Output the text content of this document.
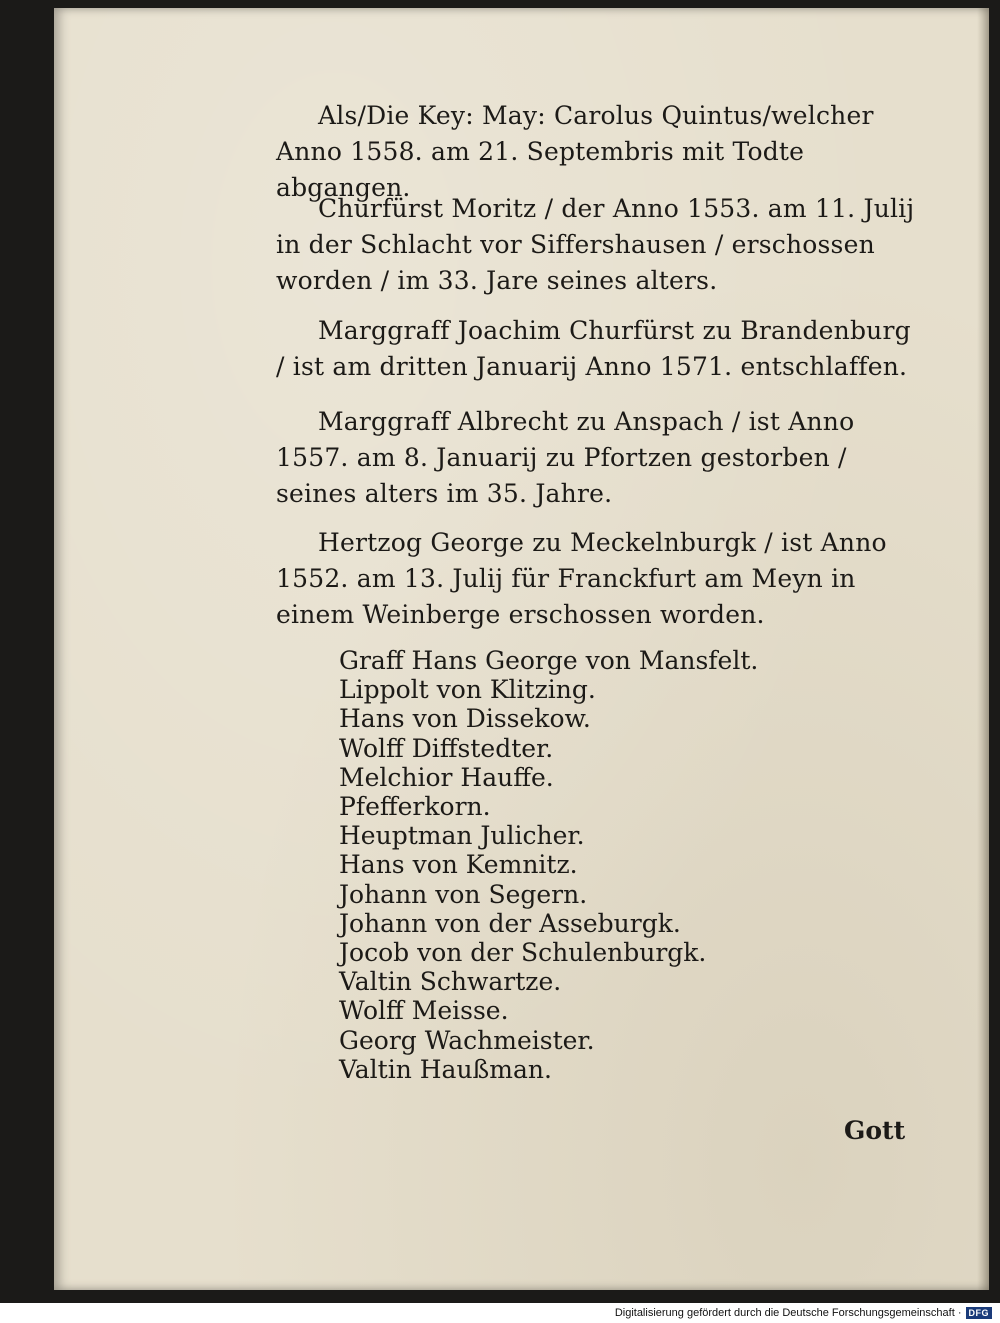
Als/Die Key: May: Carolus Quintus/welcher Anno 1558. am 21. Septembris mit Todte abgangen.
Churfürst Moritz / der Anno 1553. am 11. Julij in der Schlacht vor Siffershausen / erschossen worden / im 33. Jare seines alters.
Marggraff Joachim Churfürst zu Brandenburg / ist am dritten Januarij Anno 1571. entschlaffen.
Marggraff Albrecht zu Anspach / ist Anno 1557. am 8. Januarij zu Pfortzen gestorben / seines alters im 35. Jahre.
Hertzog George zu Meckelnburgk / ist Anno 1552. am 13. Julij für Franckfurt am Meyn in einem Weinberge erschossen worden.
Graff Hans George von Mansfelt.
Lippolt von Klitzing.
Hans von Dissekow.
Wolff Diffstedter.
Melchior Hauffe.
Pfefferkorn.
Heuptman Julicher.
Hans von Kemnitz.
Johann von Segern.
Johann von der Asseburgk.
Jocob von der Schulenburgk.
Valtin Schwartze.
Wolff Meisse.
Georg Wachmeister.
Valtin Haußman.
Gott
Digitalisierung gefördert durch die Deutsche Forschungsgemeinschaft · DFG
